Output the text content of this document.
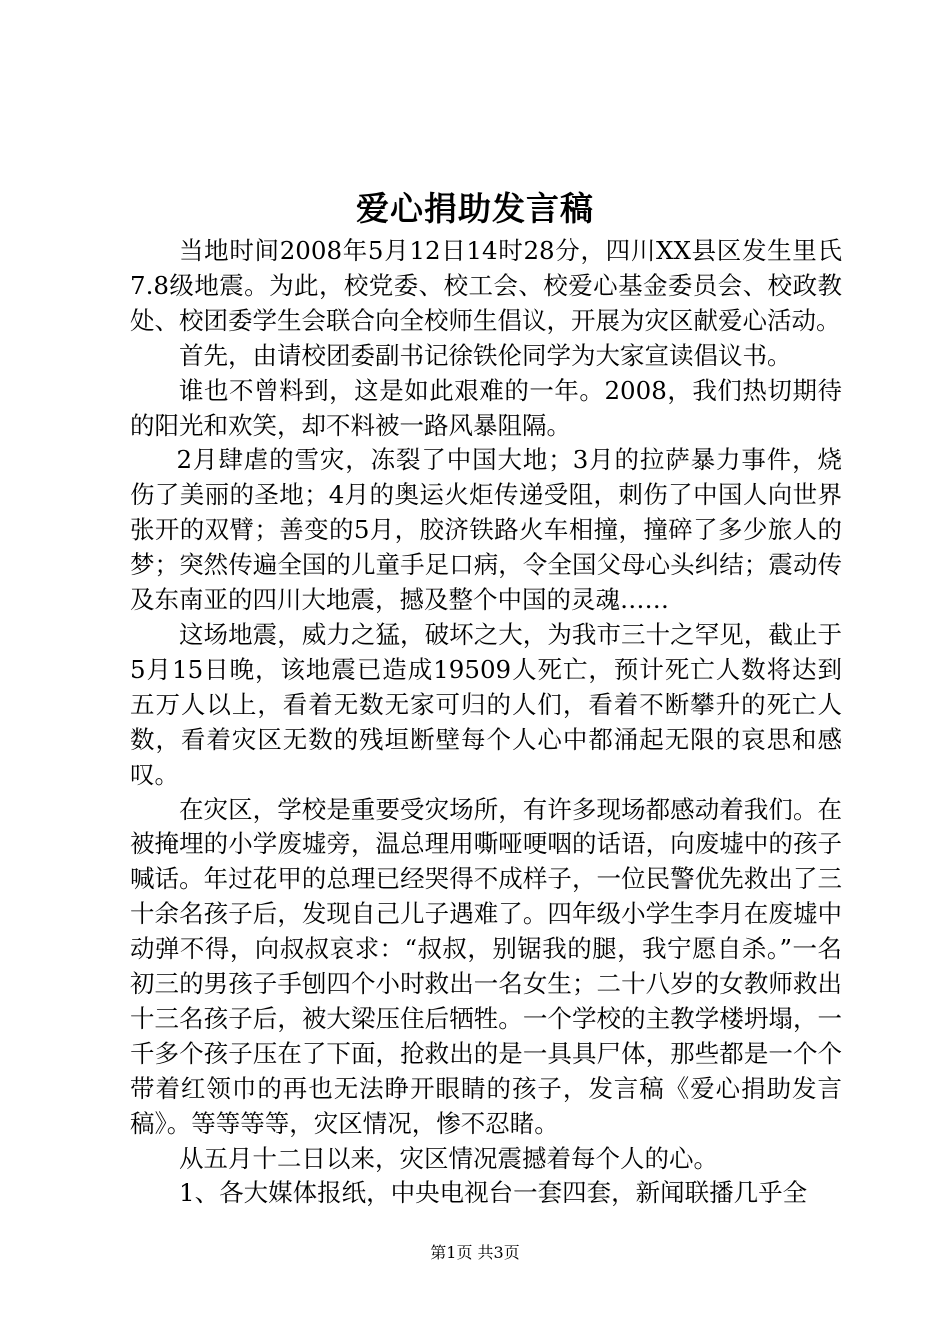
爱心捐助发言稿

当地时间2008年5月12日14时28分，四川XX县区发生里氏7.8级地震。为此，校党委、校工会、校爱心基金委员会、校政教处、校团委学生会联合向全校师生倡议，开展为灾区献爱心活动。

首先，由请校团委副书记徐铁伦同学为大家宣读倡议书。

谁也不曾料到，这是如此艰难的一年。2008，我们热切期待的阳光和欢笑，却不料被一路风暴阻隔。

2月肆虐的雪灾，冻裂了中国大地；3月的拉萨暴力事件，烧伤了美丽的圣地；4月的奥运火炬传递受阻，刺伤了中国人向世界张开的双臂；善变的5月，胶济铁路火车相撞，撞碎了多少旅人的梦；突然传遍全国的儿童手足口病，令全国父母心头纠结；震动传及东南亚的四川大地震，撼及整个中国的灵魂……

这场地震，威力之猛，破坏之大，为我市三十之罕见，截止于5月15日晚，该地震已造成19509人死亡，预计死亡人数将达到五万人以上，看着无数无家可归的人们，看着不断攀升的死亡人数，看着灾区无数的残垣断壁每个人心中都涌起无限的哀思和感叹。

在灾区，学校是重要受灾场所，有许多现场都感动着我们。在被掩埋的小学废墟旁，温总理用嘶哑哽咽的话语，向废墟中的孩子喊话。年过花甲的总理已经哭得不成样子，一位民警优先救出了三十余名孩子后，发现自己儿子遇难了。四年级小学生李月在废墟中动弹不得，向叔叔哀求：“叔叔，别锯我的腿，我宁愿自杀。”一名初三的男孩子手刨四个小时救出一名女生；二十八岁的女教师救出十三名孩子后，被大梁压住后牺牲。一个学校的主教学楼坍塌，一千多个孩子压在了下面，抢救出的是一具具尸体，那些都是一个个带着红领巾的再也无法睁开眼睛的孩子，发言稿《爱心捐助发言稿》。等等等等，灾区情况，惨不忍睹。

从五月十二日以来，灾区情况震撼着每个人的心。

1、各大媒体报纸，中央电视台一套四套，新闻联播几乎全

第1页 共3页
